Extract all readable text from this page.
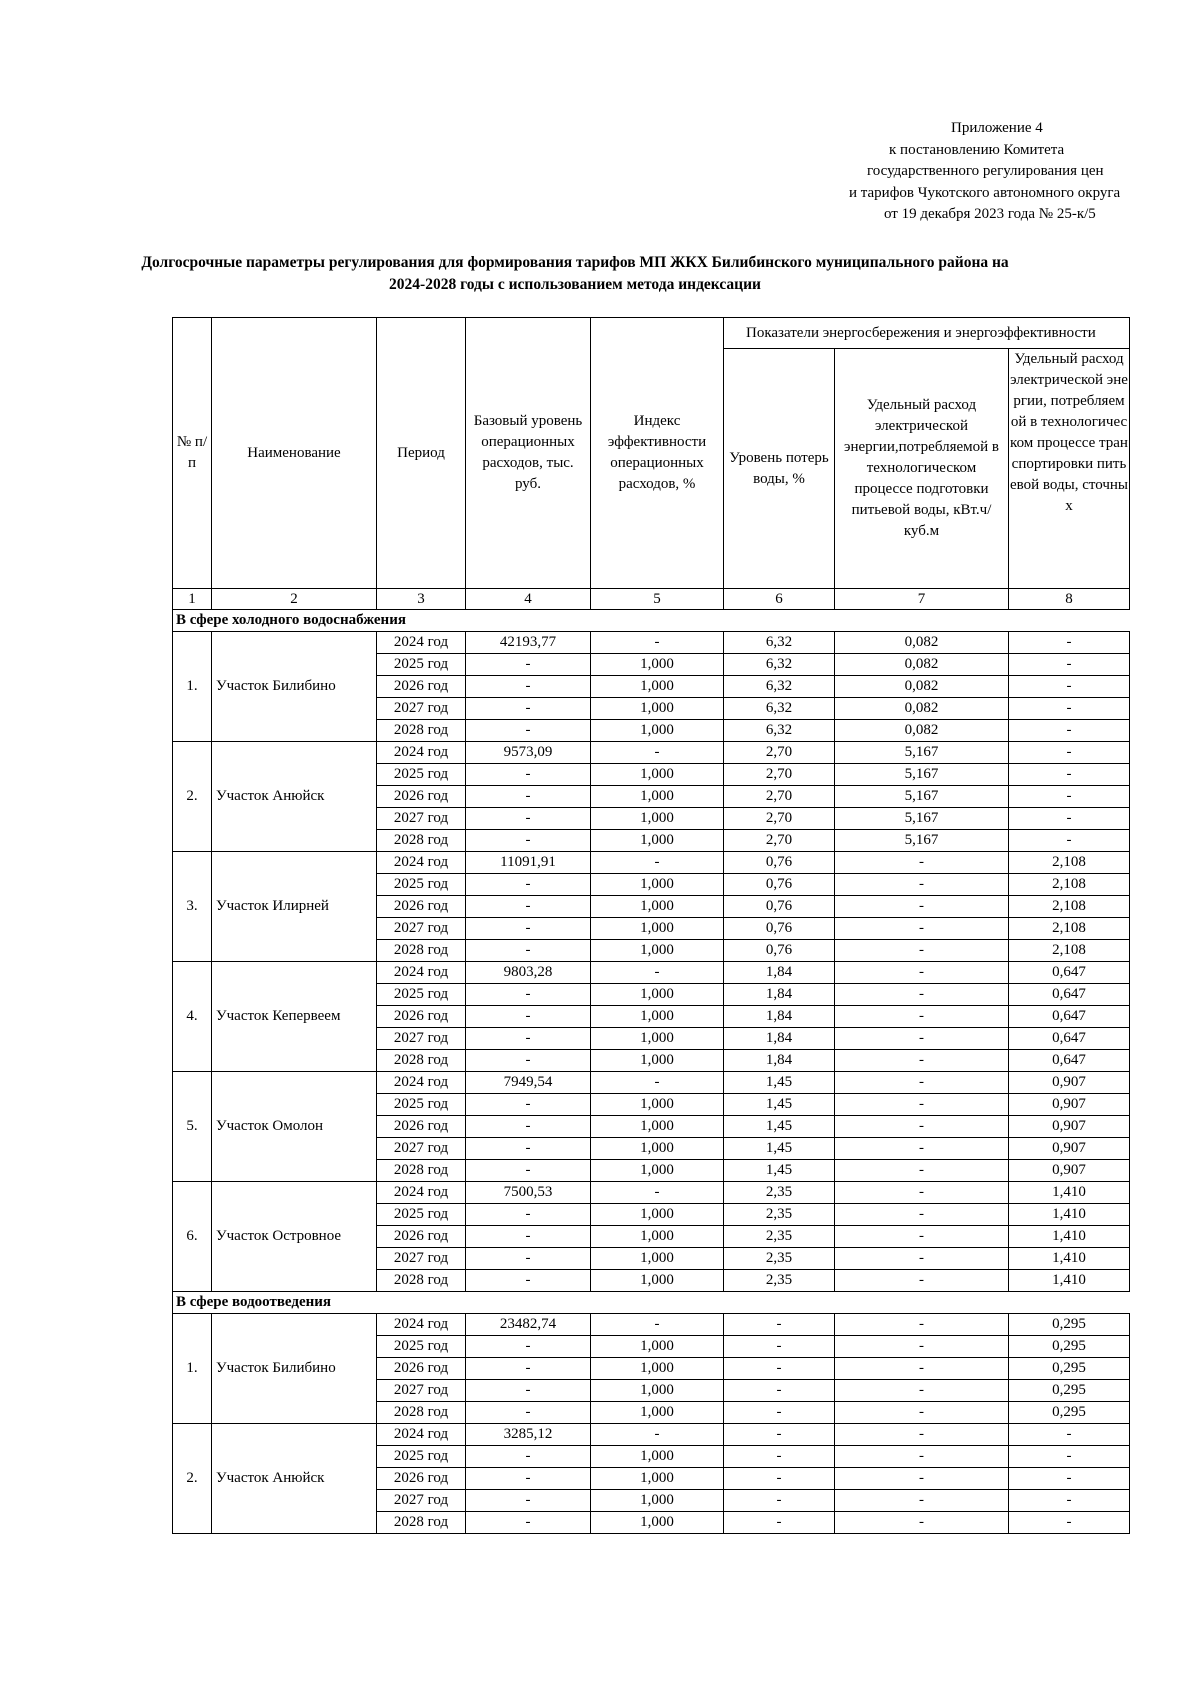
Приложение 4
к постановлению Комитета
государственного регулирования цен
и тарифов Чукотского автономного округа
от 19 декабря 2023 года № 25-к/5
Долгосрочные параметры регулирования для формирования тарифов МП ЖКХ Билибинского муниципального района на
2024-2028 годы с использованием метода индексации
№ п/п	Наименование	Период	Базовый уровень операционных расходов, тыс. руб.	Индекс эффективности операционных расходов, %	Показатели энергосбережения и энергоэффективности		
					Уровень потерь воды, %	Удельный расход электрической энергии,потребляемой в технологическом процессе подготовки питьевой воды, кВт.ч/куб.м	Удельный расход электрической энергии, потребляемой в технологическом процессе транспортировки питьевой воды, сточных

1	2	3	4	5	6	7	8
В сфере холодного водоснабжения							
1.	Участок Билибино	2024 год	42193,77	-	6,32	0,082	-
		2025 год	-	1,000	6,32	0,082	-
		2026 год	-	1,000	6,32	0,082	-
		2027 год	-	1,000	6,32	0,082	-
		2028 год	-	1,000	6,32	0,082	-
2.	Участок Анюйск	2024 год	9573,09	-	2,70	5,167	-
		2025 год	-	1,000	2,70	5,167	-
		2026 год	-	1,000	2,70	5,167	-
		2027 год	-	1,000	2,70	5,167	-
		2028 год	-	1,000	2,70	5,167	-
3.	Участок Илирней	2024 год	11091,91	-	0,76	-	2,108
		2025 год	-	1,000	0,76	-	2,108
		2026 год	-	1,000	0,76	-	2,108
		2027 год	-	1,000	0,76	-	2,108
		2028 год	-	1,000	0,76	-	2,108
4.	Участок Кепервеем	2024 год	9803,28	-	1,84	-	0,647
		2025 год	-	1,000	1,84	-	0,647
		2026 год	-	1,000	1,84	-	0,647
		2027 год	-	1,000	1,84	-	0,647
		2028 год	-	1,000	1,84	-	0,647
5.	Участок Омолон	2024 год	7949,54	-	1,45	-	0,907
		2025 год	-	1,000	1,45	-	0,907
		2026 год	-	1,000	1,45	-	0,907
		2027 год	-	1,000	1,45	-	0,907
		2028 год	-	1,000	1,45	-	0,907
6.	Участок Островное	2024 год	7500,53	-	2,35	-	1,410
		2025 год	-	1,000	2,35	-	1,410
		2026 год	-	1,000	2,35	-	1,410
		2027 год	-	1,000	2,35	-	1,410
		2028 год	-	1,000	2,35	-	1,410
В сфере водоотведения							
1.	Участок Билибино	2024 год	23482,74	-	-	-	0,295
		2025 год	-	1,000	-	-	0,295
		2026 год	-	1,000	-	-	0,295
		2027 год	-	1,000	-	-	0,295
		2028 год	-	1,000	-	-	0,295
2.	Участок Анюйск	2024 год	3285,12	-	-	-	-
		2025 год	-	1,000	-	-	-
		2026 год	-	1,000	-	-	-
		2027 год	-	1,000	-	-	-
		2028 год	-	1,000	-	-	-
